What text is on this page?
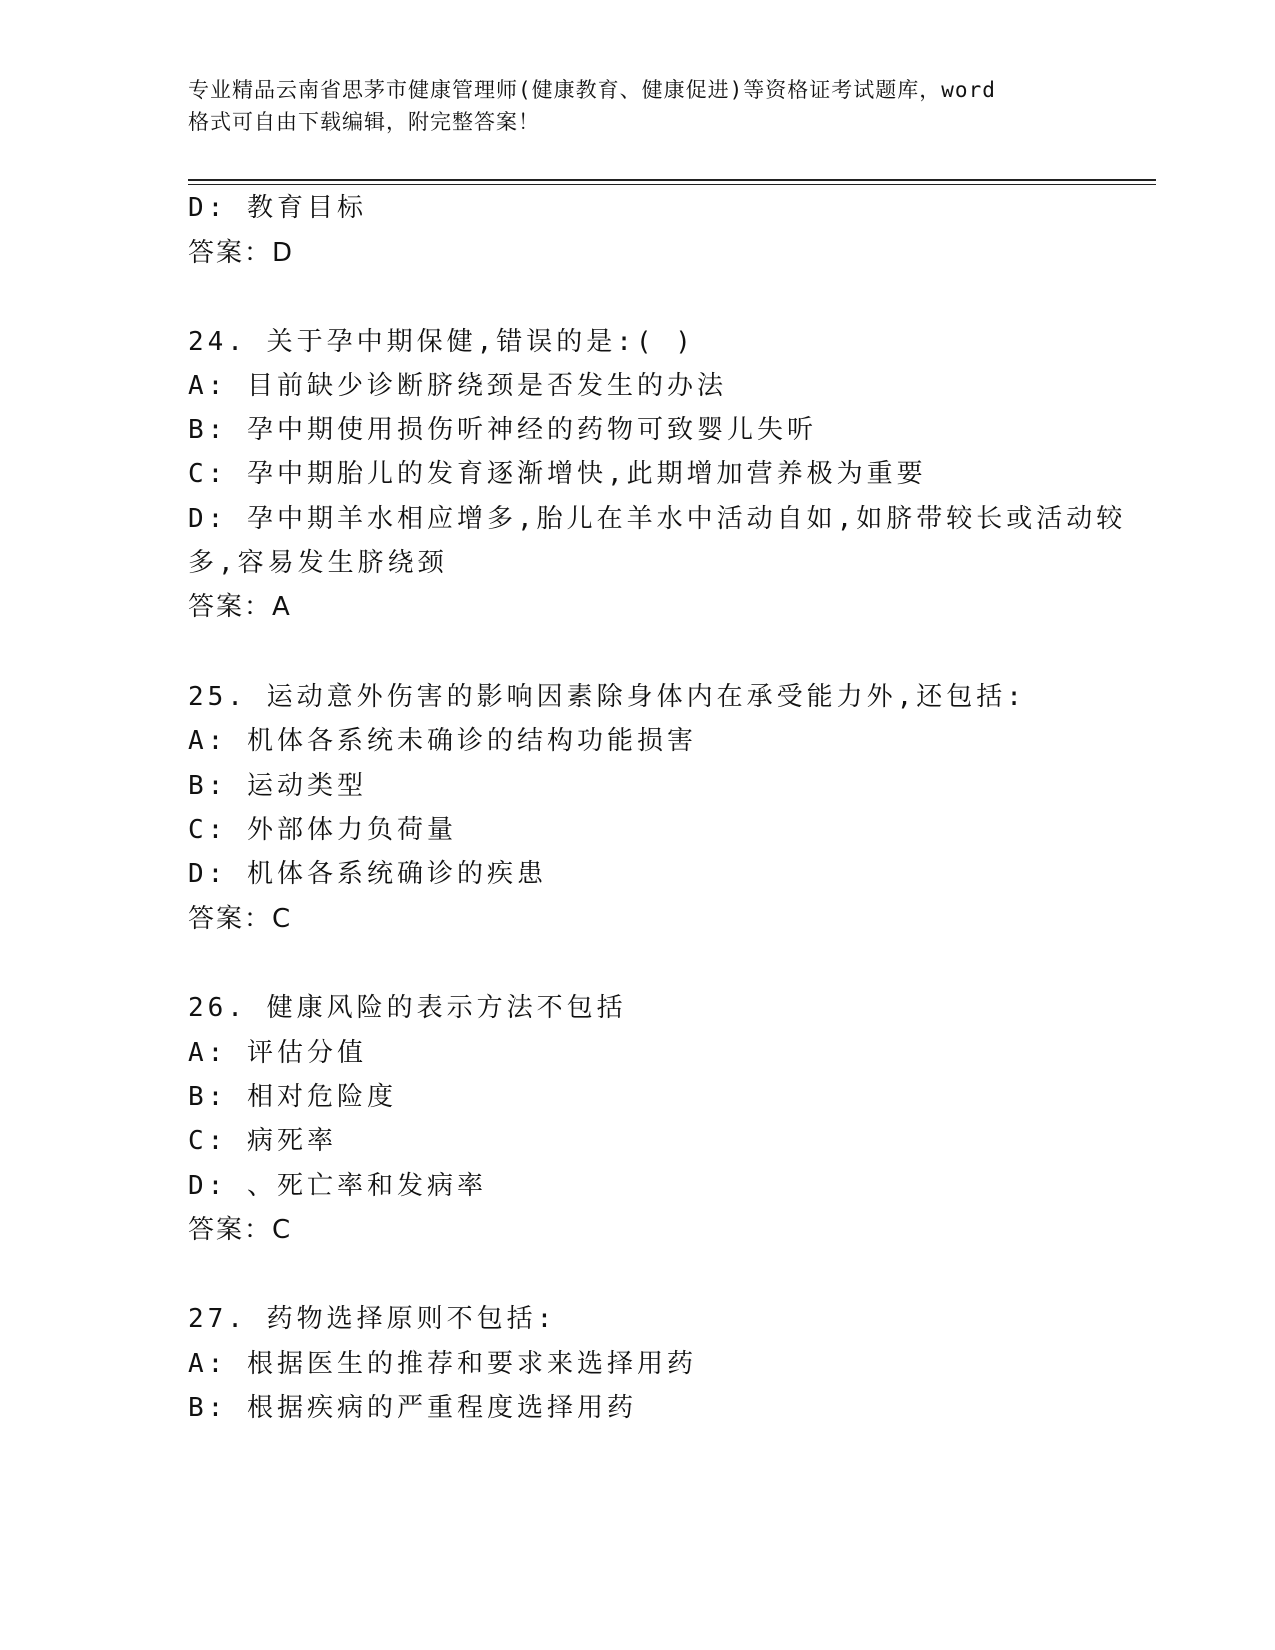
专业精品云南省思茅市健康管理师(健康教育、健康促进)等资格证考试题库，word
格式可自由下载编辑，附完整答案！
D: 教育目标
答案：D
24. 关于孕中期保健,错误的是:( )
A: 目前缺少诊断脐绕颈是否发生的办法
B: 孕中期使用损伤听神经的药物可致婴儿失听
C: 孕中期胎儿的发育逐渐增快,此期增加营养极为重要
D: 孕中期羊水相应增多,胎儿在羊水中活动自如,如脐带较长或活动较
多,容易发生脐绕颈
答案：A
25. 运动意外伤害的影响因素除身体内在承受能力外,还包括:
A: 机体各系统未确诊的结构功能损害
B: 运动类型
C: 外部体力负荷量
D: 机体各系统确诊的疾患
答案：C
26. 健康风险的表示方法不包括
A: 评估分值
B: 相对危险度
C: 病死率
D: 、死亡率和发病率
答案：C
27. 药物选择原则不包括:
A: 根据医生的推荐和要求来选择用药
B: 根据疾病的严重程度选择用药
